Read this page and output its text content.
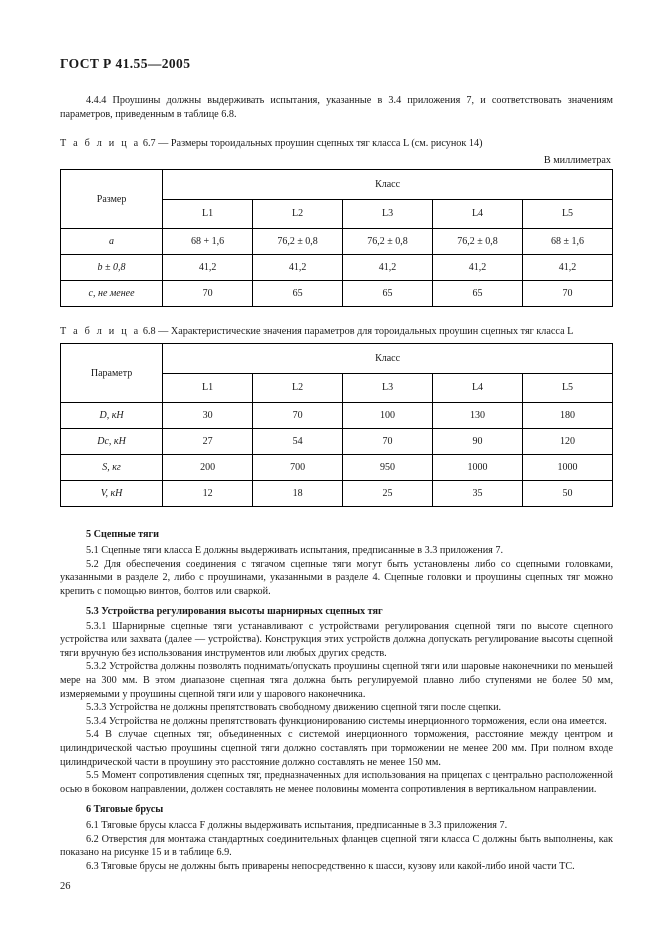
ГОСТ Р 41.55—2005

4.4.4 Проушины должны выдерживать испытания, указанные в 3.4 приложения 7, и соответствовать значениям параметров, приведенным в таблице 6.8.

Т а б л и ц а 6.7 — Размеры тороидальных проушин сцепных тяг класса L (см. рисунок 14)
В миллиметрах
Размер	Класс				
	L1	L2	L3	L4	L5
a	68 + 1,6	76,2 ± 0,8	76,2 ± 0,8	76,2 ± 0,8	68 ± 1,6
b ± 0,8	41,2	41,2	41,2	41,2	41,2
c, не менее	70	65	65	65	70
Т а б л и ц а 6.8 — Характеристические значения параметров для тороидальных проушин сцепных тяг класса L
Параметр	Класс				
	L1	L2	L3	L4	L5
D, кН	30	70	100	130	180
Dc, кН	27	54	70	90	120
S, кг	200	700	950	1000	1000
V, кН	12	18	25	35	50
5 Сцепные тяги

5.1 Сцепные тяги класса Е должны выдерживать испытания, предписанные в 3.3 приложения 7.

5.2 Для обеспечения соединения с тягачом сцепные тяги могут быть установлены либо со сцепными головками, указанными в разделе 2, либо с проушинами, указанными в разделе 4. Сцепные головки и проушины сцепных тяг можно крепить с помощью винтов, болтов или сваркой.

5.3 Устройства регулирования высоты шарнирных сцепных тяг

5.3.1 Шарнирные сцепные тяги устанавливают с устройствами регулирования сцепной тяги по высоте сцепного устройства или захвата (далее — устройства). Конструкция этих устройств должна допускать регулирование высоты сцепной тяги вручную без использования инструментов или любых других средств.

5.3.2 Устройства должны позволять поднимать/опускать проушины сцепной тяги или шаровые наконечники по меньшей мере на 300 мм. В этом диапазоне сцепная тяга должна быть регулируемой плавно либо ступенями не более 50 мм, измеряемыми у проушины сцепной тяги или у шарового наконечника.

5.3.3 Устройства не должны препятствовать свободному движению сцепной тяги после сцепки.

5.3.4 Устройства не должны препятствовать функционированию системы инерционного торможения, если она имеется.

5.4 В случае сцепных тяг, объединенных с системой инерционного торможения, расстояние между центром и цилиндрической частью проушины сцепной тяги должно составлять при торможении не менее 200 мм. При полном входе цилиндрической части в проушину это расстояние должно составлять не менее 150 мм.

5.5 Момент сопротивления сцепных тяг, предназначенных для использования на прицепах с центрально расположенной осью в боковом направлении, должен составлять не менее половины момента сопротивления в вертикальном направлении.

6 Тяговые брусы

6.1 Тяговые брусы класса F должны выдерживать испытания, предписанные в 3.3 приложения 7.

6.2 Отверстия для монтажа стандартных соединительных фланцев сцепной тяги класса С должны быть выполнены, как показано на рисунке 15 и в таблице 6.9.

6.3 Тяговые брусы не должны быть приварены непосредственно к шасси, кузову или какой-либо иной части ТС.

26
